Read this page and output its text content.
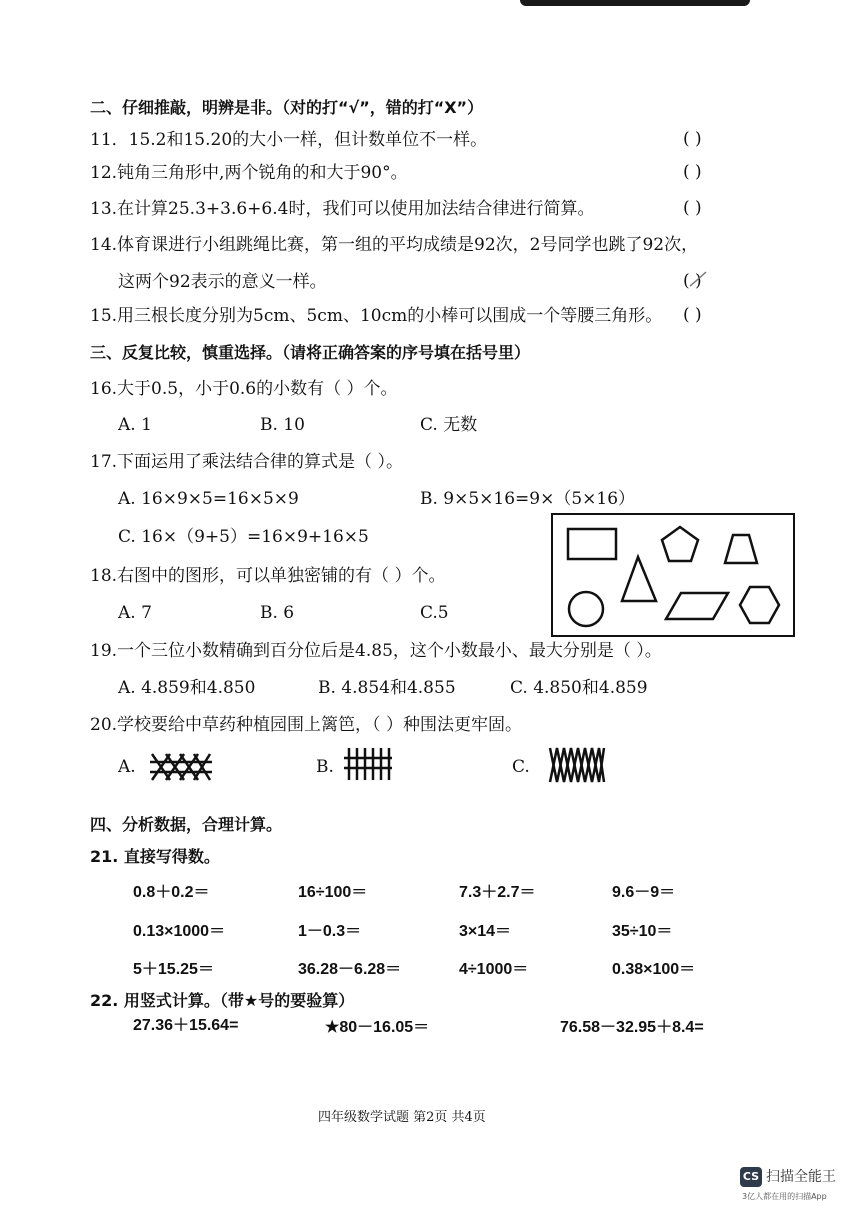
二、仔细推敲，明辨是非。（对的打“√”，错的打“X”）
11．15.2和15.20的大小一样，但计数单位不一样。	( )
12.钝角三角形中,两个锐角的和大于90°。	( )
13.在计算25.3+3.6+6.4时，我们可以使用加法结合律进行简算。	( )
14.体育课进行小组跳绳比赛，第一组的平均成绩是92次，2号同学也跳了92次，
这两个92表示的意义一样。	( )
15.用三根长度分别为5cm、5cm、10cm的小棒可以围成一个等腰三角形。 ( )
三、反复比较，慎重选择。（请将正确答案的序号填在括号里）
16.大于0.5，小于0.6的小数有（ ）个。
A. 1	B. 10	C. 无数
17.下面运用了乘法结合律的算式是（ ）。
A. 16×9×5=16×5×9	B. 9×5×16=9×（5×16）
C. 16×（9+5）=16×9+16×5
18.右图中的图形，可以单独密铺的有（ ）个。
A. 7	B. 6	C.5
19.一个三位小数精确到百分位后是4.85，这个小数最小、最大分别是（ ）。
A. 4.859和4.850	B. 4.854和4.855	C. 4.850和4.859
20.学校要给中草药种植园围上篱笆，（ ）种围法更牢固。
A.	B.	C.
四、分析数据，合理计算。
21. 直接写得数。
0.8＋0.2＝	16÷100＝	7.3＋2.7＝	9.6－9＝
0.13×1000＝	1－0.3＝	3×14＝	35÷10＝
5＋15.25＝	36.28－6.28＝	4÷1000＝	0.38×100＝
22. 用竖式计算。（带★号的要验算）
27.36＋15.64=	★80－16.05＝	76.58－32.95＋8.4=
四年级数学试题 第2页 共4页
CS 扫描全能王
3亿人都在用的扫描App
